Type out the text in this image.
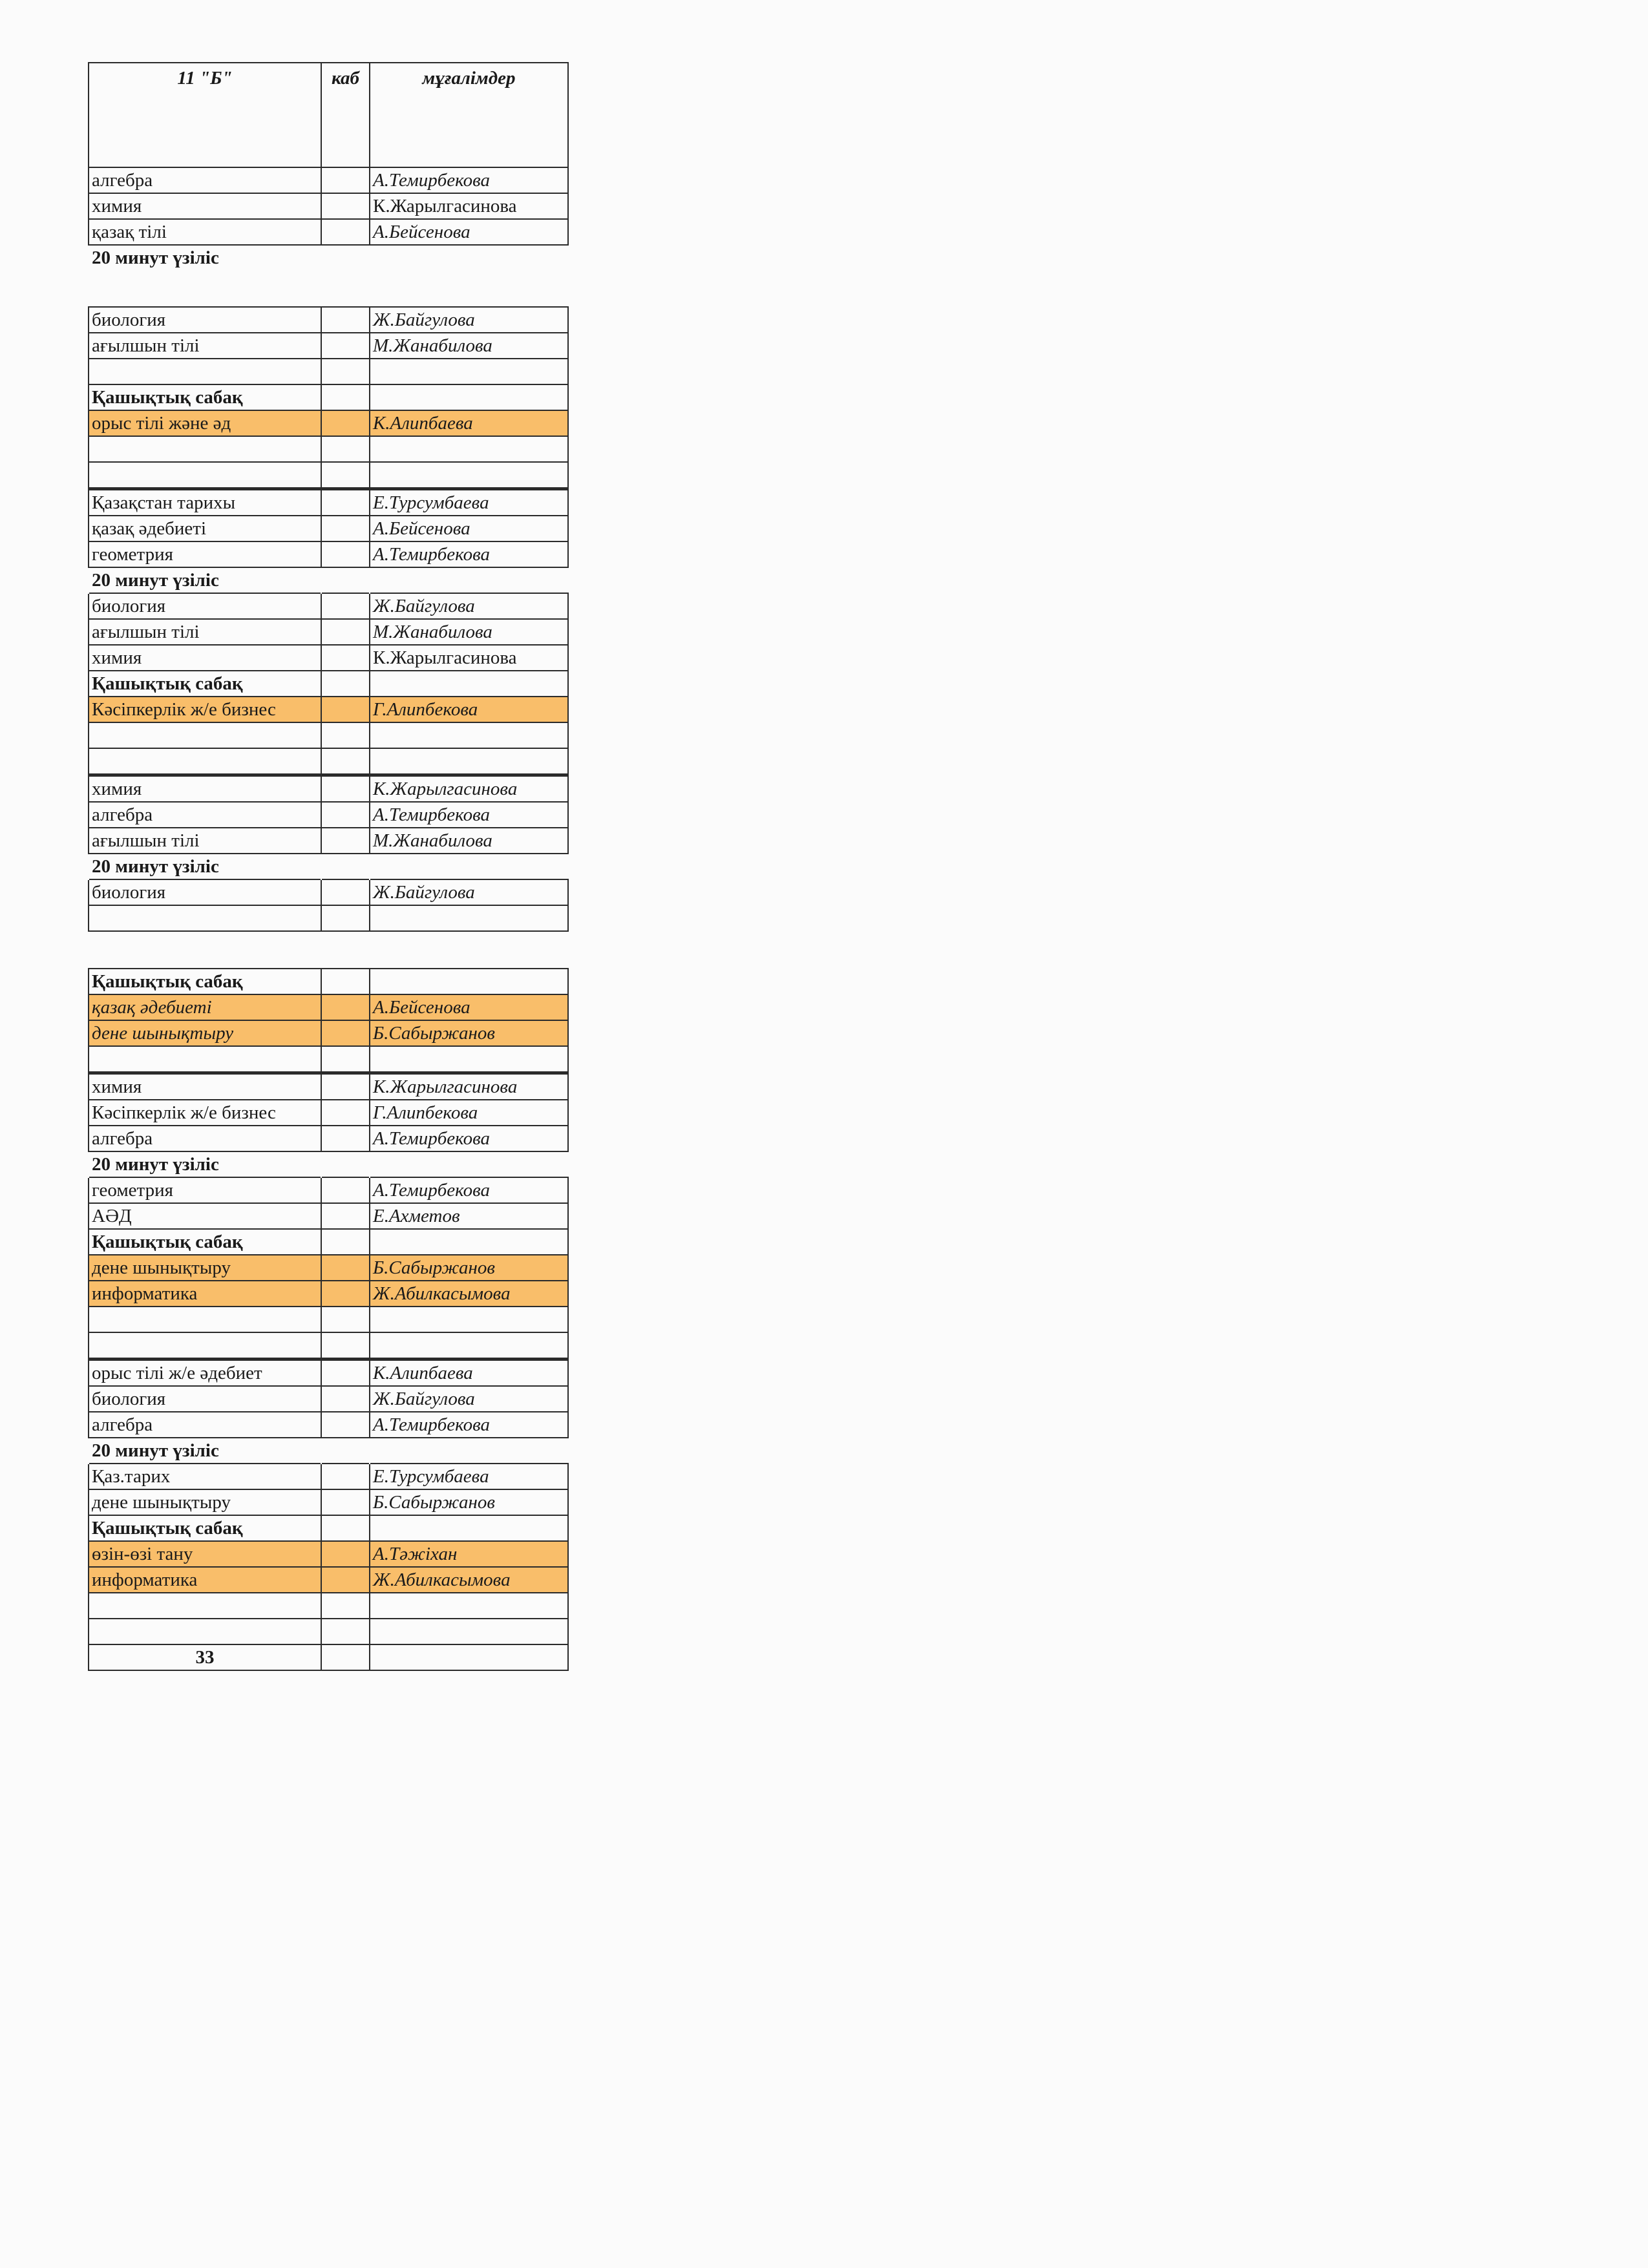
11 "Б"	каб	мұғалімдер
алгебра		А.Темирбекова
химия		К.Жарылгасинова
қазақ тілі		А.Бейсенова
20 минут үзіліс		

биология		Ж.Байгулова
ағылшын тілі		М.Жанабилова

Қашықтық сабақ		
орыс тілі және әд		К.Алипбаева

Қазақстан тарихы		Е.Турсумбаева
қазақ әдебиеті		А.Бейсенова
геометрия		А.Темирбекова
20 минут үзіліс		
биология		Ж.Байгулова
ағылшын тілі		М.Жанабилова
химия		К.Жарылгасинова
Қашықтық сабақ		
Кәсіпкерлік ж/е бизнес		Г.Алипбекова

химия		К.Жарылгасинова
алгебра		А.Темирбекова
ағылшын тілі		М.Жанабилова
20 минут үзіліс		
биология		Ж.Байгулова

Қашықтық сабақ		
қазақ әдебиеті		А.Бейсенова
дене шынықтыру		Б.Сабыржанов

химия		К.Жарылгасинова
Кәсіпкерлік ж/е бизнес		Г.Алипбекова
алгебра		А.Темирбекова
20 минут үзіліс		
геометрия		А.Темирбекова
АӘД		Е.Ахметов
Қашықтық сабақ		
дене шынықтыру		Б.Сабыржанов
информатика		Ж.Абилкасымова

орыс тілі ж/е әдебиет		К.Алипбаева
биология		Ж.Байгулова
алгебра		А.Темирбекова
20 минут үзіліс		
Қаз.тарих		Е.Турсумбаева
дене шынықтыру		Б.Сабыржанов
Қашықтық сабақ		
өзін-өзі тану		А.Тәжіхан
информатика		Ж.Абилкасымова

33		
